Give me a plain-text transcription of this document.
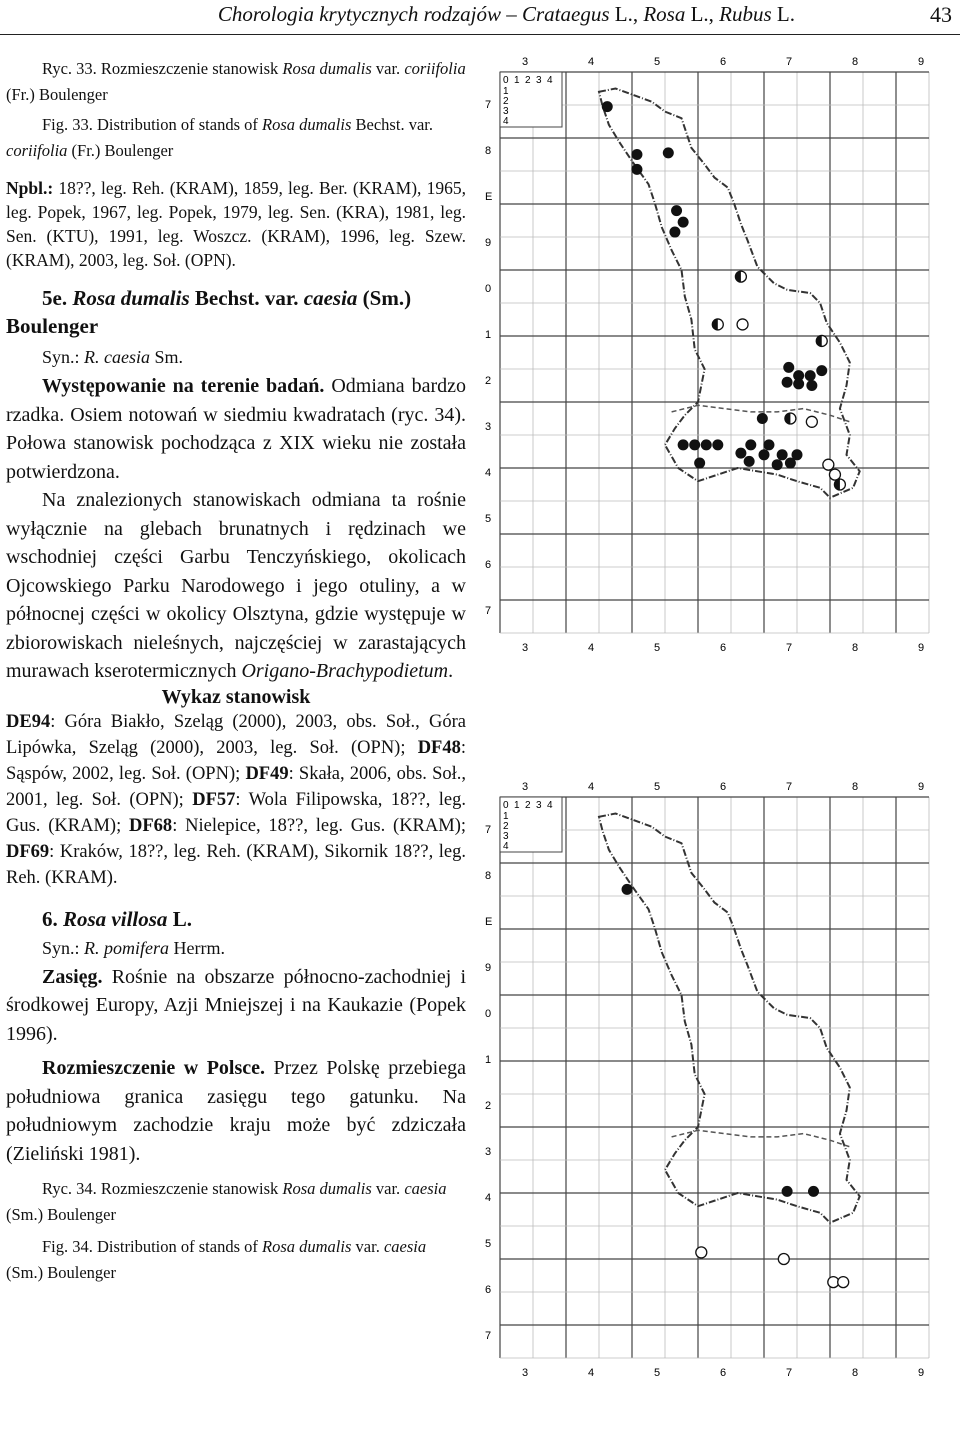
Chorologia krytycznych rodzajów – Crataegus L., Rosa L., Rubus L.	43

Ryc. 33. Rozmieszczenie stanowisk Rosa dumalis var. coriifolia (Fr.) Boulenger

Fig. 33. Distribution of stands of Rosa dumalis Bechst. var. coriifolia (Fr.) Boulenger

Npbl.: 18??, leg. Reh. (KRAM), 1859, leg. Ber. (KRAM), 1965, leg. Popek, 1967, leg. Popek, 1979, leg. Sen. (KRA), 1981, leg. Sen. (KTU), 1991, leg. Woszcz. (KRAM), 1996, leg. Szew. (KRAM), 2003, leg. Soł. (OPN).

5e. Rosa dumalis Bechst. var. caesia (Sm.) Boulenger

Syn.: R. caesia Sm.

Występowanie na terenie badań. Odmiana bardzo rzadka. Osiem notowań w siedmiu kwadratach (ryc. 34). Połowa stanowisk pochodząca z XIX wieku nie została potwierdzona.

Na znalezionych stanowiskach odmiana ta rośnie wyłącznie na glebach brunatnych i rędzinach we wschodniej części Garbu Tenczyńskiego, okolicach Ojcowskiego Parku Narodowego i jego otuliny, a w północnej części w okolicy Olsztyna, gdzie występuje w zbiorowiskach nieleśnych, najczęściej w zarastających murawach kserotermicznych Origano-Brachypodietum.

Wykaz stanowisk

DE94: Góra Biakło, Szeląg (2000), 2003, obs. Soł., Góra Lipówka, Szeląg (2000), 2003, leg. Soł. (OPN); DF48: Sąspów, 2002, leg. Soł. (OPN); DF49: Skała, 2006, obs. Soł., 2001, leg. Soł. (OPN); DF57: Wola Filipowska, 18??, leg. Gus. (KRAM); DF68: Nielepice, 18??, leg. Gus. (KRAM); DF69: Kraków, 18??, leg. Reh. (KRAM), Sikornik 18??, leg. Reh. (KRAM).

6. Rosa villosa L.

Syn.: R. pomifera Herrm.

Zasięg. Rośnie na obszarze północno-zachodniej i środkowej Europy, Azji Mniejszej i na Kaukazie (Popek 1996).

Rozmieszczenie w Polsce. Przez Polskę przebiega południowa granica zasięgu tego gatunku. Na południowym zachodzie kraju może być zdziczała (Zieliński 1981).

Ryc. 34. Rozmieszczenie stanowisk Rosa dumalis var. caesia (Sm.) Boulenger

Fig. 34. Distribution of stands of Rosa dumalis var. caesia (Sm.) Boulenger

0 1 2 3 4
1
2
3
4
3
3
4
4
5
5
6
6
7
7
8
8
9
9
7
8
E
9
0
1
2
3
4
5
6
7
0 1 2 3 4
1
2
3
4
3
3
4
4
5
5
6
6
7
7
8
8
9
9
7
8
E
9
0
1
2
3
4
5
6
7
